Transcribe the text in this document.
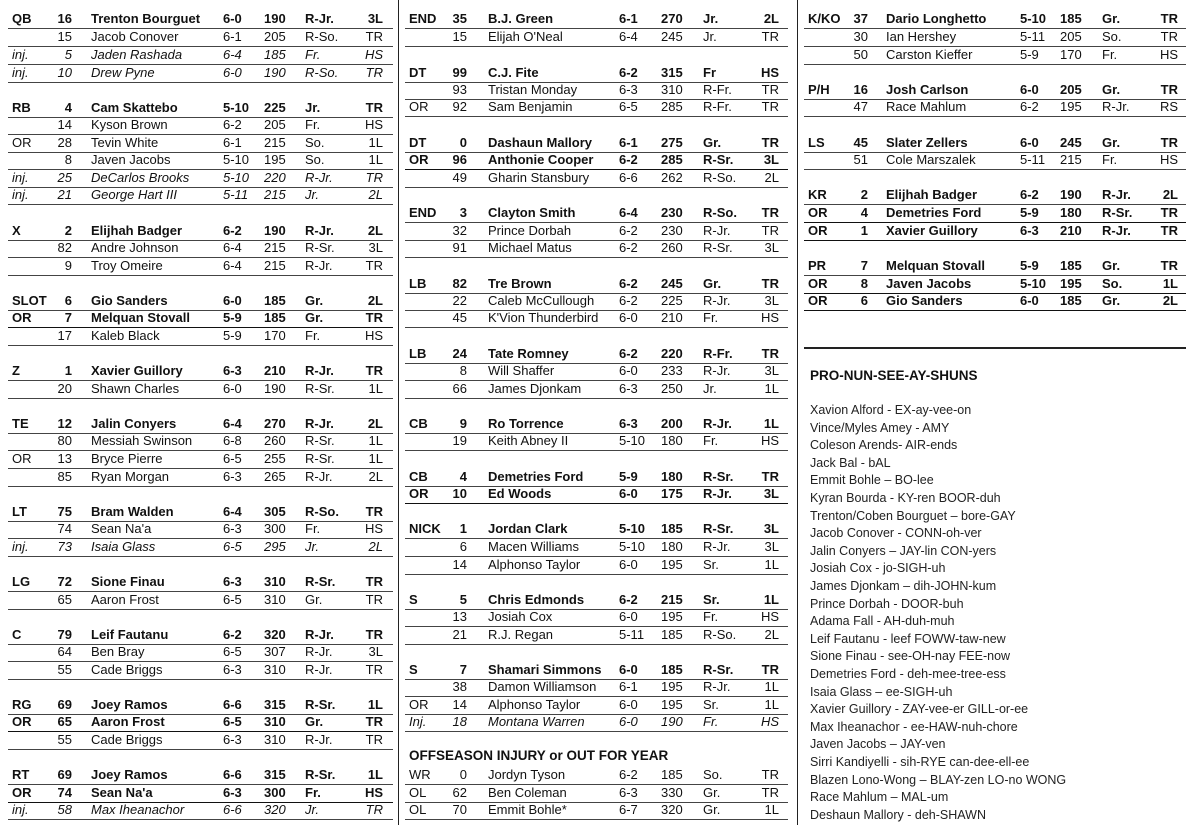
QB	16 Trenton Bourguet 6-0 190 R-Jr.	3L
15 Jacob Conover	6-1 205 R-So.	TR
inj.	5 Jaden Rashada	6-4 185 Fr.	HS
inj.	10 Drew Pyne	6-0 190 R-So.	TR
RB	4 Cam Skattebo	5-10 225 Jr.	TR
14 Kyson Brown	6-2 205 Fr.	HS
OR	28 Tevin White	6-1 215 So.	1L
8 Javen Jacobs	5-10 195 So.	1L
inj.	25 DeCarlos Brooks	5-10 220 R-Jr.	TR
inj.	21 George Hart III	5-11 215 Jr.	2L
X	2 Elijhah Badger	6-2 190 R-Jr.	2L
82 Andre Johnson	6-4 215 R-Sr.	3L
9 Troy Omeire	6-4 215 R-Jr.	TR
SLOT	6 Gio Sanders	6-0 185 Gr.	2L
OR	7 Melquan Stovall	5-9 185 Gr.	TR
17 Kaleb Black	5-9 170 Fr.	HS
Z	1 Xavier Guillory	6-3 210 R-Jr.	TR
20 Shawn Charles	6-0 190 R-Sr.	1L
TE	12 Jalin Conyers	6-4 270 R-Jr.	2L
80 Messiah Swinson 6-8 260 R-Sr.	1L
OR	13 Bryce Pierre	6-5 255 R-Sr.	1L
85 Ryan Morgan	6-3 265 R-Jr.	2L
LT	75 Bram Walden	6-4 305 R-So.	TR
74 Sean Na'a	6-3 300 Fr.	HS
inj.	73 Isaia Glass	6-5 295 Jr.	2L
LG	72 Sione Finau	6-3 310 R-Sr.	TR
65 Aaron Frost	6-5 310 Gr.	TR
C	79 Leif Fautanu	6-2 320 R-Jr.	TR
64 Ben Bray	6-5 307 R-Jr.	3L
55 Cade Briggs	6-3 310 R-Jr.	TR
RG	69 Joey Ramos	6-6 315 R-Sr.	1L
OR	65 Aaron Frost	6-5 310 Gr.	TR
55 Cade Briggs	6-3 310 R-Jr.	TR
RT	69 Joey Ramos	6-6 315 R-Sr.	1L
OR	74 Sean Na'a	6-3 300 Fr.	HS
inj.	58 Max Iheanachor	6-6 320 Jr.	TR
OFFSEASON INJURY or OUT FOR YEAR
END	35 B.J. Green	6-1 270 Jr.	2L
15 Elijah O'Neal	6-4 245 Jr.	TR
DT	99 C.J. Fite	6-2 315 Fr	HS
93 Tristan Monday	6-3 310 R-Fr.	TR
OR	92 Sam Benjamin	6-5 285 R-Fr.	TR
DT	0 Dashaun Mallory 6-1 275 Gr.	TR
OR	96 Anthonie Cooper 6-2 285 R-Sr.	3L
49 Gharin Stansbury 6-6 262 R-So.	2L
END	3 Clayton Smith	6-4 230 R-So.	TR
32 Prince Dorbah	6-2 230 R-Jr.	TR
91 Michael Matus	6-2 260 R-Sr.	3L
LB	82 Tre Brown	6-2 245 Gr.	TR
22 Caleb McCullough 6-2 225 R-Jr.	3L
45 K'Vion Thunderbird 6-0 210 Fr.	HS
LB	24 Tate Romney	6-2 220 R-Fr.	TR
8 Will Shaffer	6-0 233 R-Jr.	3L
66 James Djonkam	6-3 250 Jr.	1L
CB	9 Ro Torrence	6-3 200 R-Jr.	1L
19 Keith Abney II	5-10 180 Fr.	HS
CB	4 Demetries Ford	5-9 180 R-Sr.	TR
OR	10 Ed Woods	6-0 175 R-Jr.	3L
NICK	1 Jordan Clark	5-10 185 R-Sr.	3L
6 Macen Williams	5-10 180 R-Jr.	3L
14 Alphonso Taylor	6-0 195 Sr.	1L
S	5 Chris Edmonds	6-2 215 Sr.	1L
13 Josiah Cox	6-0 195 Fr.	HS
21 R.J. Regan	5-11 185 R-So.	2L
S	7 Shamari Simmons 6-0 185 R-Sr.	TR
38 Damon Williamson 6-1 195 R-Jr.	1L
OR	14 Alphonso Taylor	6-0 195 Sr.	1L
Inj.	18 Montana Warren	6-0 190 Fr.	HS
WR	0 Jordyn Tyson	6-2 185 So.	TR
OL	62 Ben Coleman	6-3 330 Gr.	TR
OL	70 Emmit Bohle*	6-7 320 Gr.	1L
PRO-NUN-SEE-AY-SHUNS
Xavion Alford - EX-ay-vee-on
Vince/Myles Amey - AMY
Coleson Arends- AIR-ends
Jack Bal - bAL
Emmit Bohle – BO-lee
Kyran Bourda - KY-ren BOOR-duh
Trenton/Coben Bourguet – bore-GAY
Jacob Conover - CONN-oh-ver
Jalin Conyers – JAY-lin CON-yers
Josiah Cox - jo-SIGH-uh
James Djonkam – dih-JOHN-kum
Prince Dorbah - DOOR-buh
Adama Fall - AH-duh-muh
Leif Fautanu - leef FOWW-taw-new
Sione Finau - see-OH-nay FEE-now
Demetries Ford - deh-mee-tree-ess
Isaia Glass – ee-SIGH-uh
Xavier Guillory - ZAY-vee-er GILL-or-ee
Max Iheanachor - ee-HAW-nuh-chore
Javen Jacobs – JAY-ven
Sirri Kandiyelli - sih-RYE can-dee-ell-ee
Blazen Lono-Wong – BLAY-zen LO-no WONG
Race Mahlum – MAL-um
Deshaun Mallory - deh-SHAWN
K/KO	37 Dario Longhetto	5-10 185 Gr.	TR
30 Ian Hershey	5-11 205 So.	TR
50 Carston Kieffer	5-9 170 Fr.	HS
P/H	16 Josh Carlson	6-0 205 Gr.	TR
47 Race Mahlum	6-2 195 R-Jr.	RS
LS	45 Slater Zellers	6-0 245 Gr.	TR
51 Cole Marszalek	5-11 215 Fr.	HS
KR	2 Elijhah Badger	6-2 190 R-Jr.	2L
OR	4 Demetries Ford	5-9 180 R-Sr.	TR
OR	1 Xavier Guillory	6-3 210 R-Jr.	TR
PR	7 Melquan Stovall	5-9 185 Gr.	TR
OR	8 Javen Jacobs	5-10 195 So.	1L
OR	6 Gio Sanders	6-0 185 Gr.	2L
